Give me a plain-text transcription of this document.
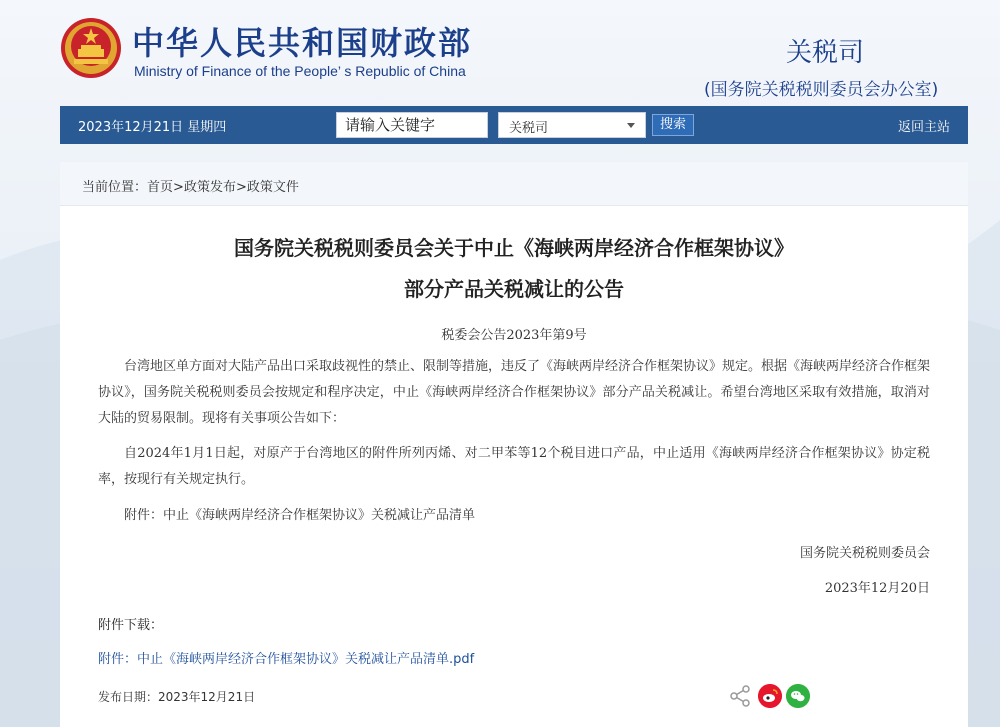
中华人民共和国财政部
Ministry of Finance of the People’ s Republic of China
关税司
(国务院关税税则委员会办公室)
2023年12月21日 星期四	请输入关键字	关税司	搜索	返回主站
当前位置：首页>政策发布>政策文件
国务院关税税则委员会关于中止《海峡两岸经济合作框架协议》
部分产品关税减让的公告
税委会公告2023年第9号
台湾地区单方面对大陆产品出口采取歧视性的禁止、限制等措施，违反了《海峡两岸经济合作框架协议》规定。根据《海峡两岸经济合作框架协议》，国务院关税税则委员会按规定和程序决定，中止《海峡两岸经济合作框架协议》部分产品关税减让。希望台湾地区采取有效措施，取消对大陆的贸易限制。现将有关事项公告如下：
自2024年1月1日起，对原产于台湾地区的附件所列丙烯、对二甲苯等12个税目进口产品，中止适用《海峡两岸经济合作框架协议》协定税率，按现行有关规定执行。
附件：中止《海峡两岸经济合作框架协议》关税减让产品清单
国务院关税税则委员会
2023年12月20日
附件下载：
附件：中止《海峡两岸经济合作框架协议》关税减让产品清单.pdf
发布日期：2023年12月21日
